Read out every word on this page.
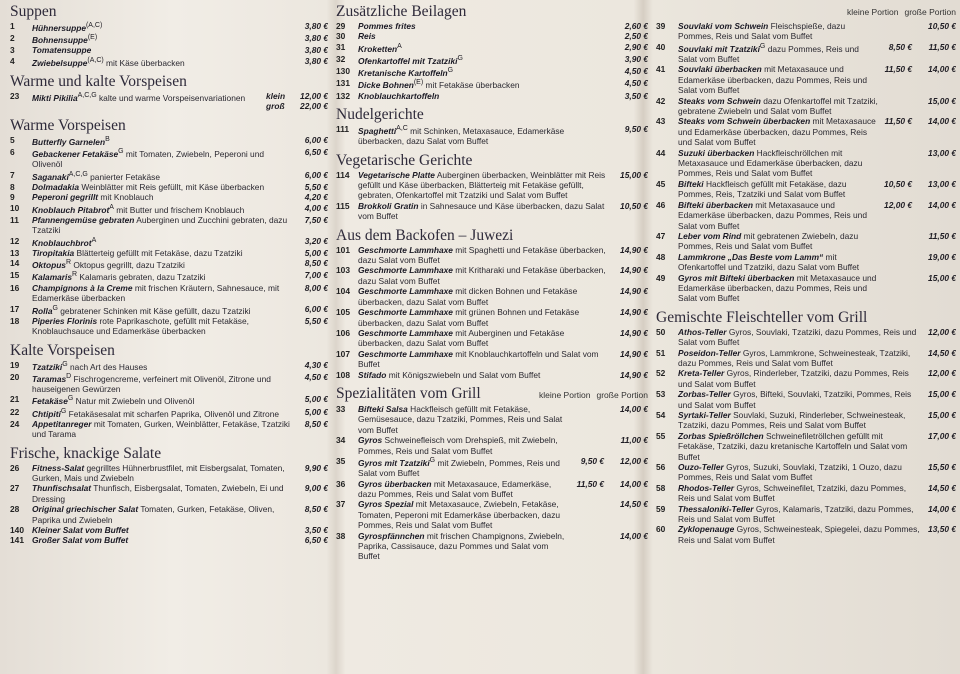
Suppen
1	Hühnersuppe$^{(A,C)}$	3,80 €
2	Bohnensuppe$^{(E)}$	3,80 €
3	Tomatensuppe	3,80 €
4	Zwiebelsuppe$^{(A,C)}$ mit Käse überbacken	3,80 €
Warme und kalte Vorspeisen
23	Mikti Pikilia$^{A,C,G}$ kalte und warme Vorspeisenvariationen	klein	12,00 €
groß	22,00 €
Warme Vorspeisen
5	Butterfly Garnelen$^B$	6,00 €
6	Gebackener Fetakäse$^G$ mit Tomaten, Zwiebeln, Peperoni und Olivenöl
6,50 €
7	Saganaki$^{A,C,G}$ panierter Fetakäse	6,00 €
8	Dolmadakia Weinblätter mit Reis gefüllt, mit Käse überbacken	5,50 €
9	Peperoni gegrillt mit Knoblauch	4,20 €
10	Knoblauch Pitabrot$^A$ mit Butter und frischem Knoblauch	4,00 €
11	Pfannengemüse gebraten Auberginen und Zucchini gebraten, dazu Tzatziki
7,50 €
12	Knoblauchbrot$^A$	3,20 €
13	Tiropitakia Blätterteig gefüllt mit Fetakäse, dazu Tzatziki	5,00 €
14	Oktopus$^R$ Oktopus gegrillt, dazu Tzatziki	8,50 €
15	Kalamaris$^R$ Kalamaris gebraten, dazu Tzatziki	7,00 €
16	Champignons à la Creme mit frischen Kräutern, Sahnesauce, mit Edamerkäse überbacken
8,00 €
17	Rolla$^G$ gebratener Schinken mit Käse gefüllt, dazu Tzatziki	6,00 €
18	Piperies Florinis rote Paprikaschote, gefüllt mit Fetakäse, Knoblauchsauce und Edamerkäse überbacken
5,50 €
Kalte Vorspeisen
19	Tzatziki$^G$ nach Art des Hauses	4,30 €
20	Taramas$^D$ Fischrogencreme, verfeinert mit Olivenöl, Zitrone und hauseigenen Gewürzen
4,50 €
21	Fetakäse$^G$ Natur mit Zwiebeln und Olivenöl	5,00 €
22	Chtipiti$^G$ Fetakäsesalat mit scharfen Paprika, Olivenöl und Zitrone	5,00 €
24	Appetitanreger mit Tomaten, Gurken, Weinblätter, Fetakäse, Tzatziki und Tarama
8,50 €
Frische, knackige Salate
26	Fitness-Salat gegrilltes Hühnerbrustfilet, mit Eisbergsalat, Tomaten, Gurken, Mais und Zwiebeln
9,90 €
27	Thunfischsalat Thunfisch, Eisbergsalat, Tomaten, Zwiebeln, Ei und Dressing
9,00 €
28	Original griechischer Salat Tomaten, Gurken, Fetakäse, Oliven, Paprika und Zwiebeln
8,50 €
140 Kleiner Salat vom Buffet	3,50 €
141 Großer Salat vom Buffet	6,50 €
Zusätzliche Beilagen
29	Pommes frites	2,60 €
30	Reis	2,50 €
31	Kroketten$^A$	2,90 €
32	Ofenkartoffel mit Tzatziki$^G$	3,90 €
130 Kretanische Kartoffeln$^G$	4,50 €
131 Dicke Bohnen$^{(E)}$ mit Fetakäse überbacken	4,50 €
132 Knoblauchkartoffeln	3,50 €
Nudelgerichte
111	Spaghetti$^{A,C}$ mit Schinken, Metaxasauce, Edamerkäse überbacken, dazu Salat vom Buffet
9,50 €
Vegetarische Gerichte
114	Vegetarische Platte Auberginen überbacken, Weinblätter mit Reis gefüllt und Käse überbacken, Blätterteig mit Fetakäse gefüllt, gebraten, Ofenkartoffel mit Tzatziki und Salat vom Buffet
15,00 €
115	Brokkoli Gratin in Sahnesauce und Käse überbacken, dazu Salat vom Buffet
10,50 €
Aus dem Backofen – Juwezi
101 Geschmorte Lammhaxe mit Spaghetti und Fetakäse überbacken, dazu Salat vom Buffet
14,90 €
103 Geschmorte Lammhaxe mit Kritharaki und Fetakäse überbacken, dazu Salat vom Buffet
14,90 €
104 Geschmorte Lammhaxe mit dicken Bohnen und Fetakäse überbacken, dazu Salat vom Buffet
14,90 €
105 Geschmorte Lammhaxe mit grünen Bohnen und Fetakäse überbacken, dazu Salat vom Buffet
14,90 €
106 Geschmorte Lammhaxe mit Auberginen und Fetakäse überbacken, dazu Salat vom Buffet
14,90 €
107 Geschmorte Lammhaxe mit Knoblauchkartoffeln und Salat vom Buffet
14,90 €
108 Stifado mit Königszwiebeln und Salat vom Buffet	14,90 €
Spezialitäten vom Grill	kleine Portion große Portion
33	Bifteki Salsa Hackfleisch gefüllt mit Fetakäse, Gemüsesauce, dazu Tzatziki, Pommes, Reis und Salat vom Buffet
14,00 €
34	Gyros Schweinefleisch vom Drehspieß, mit Zwiebeln, Pommes, Reis und Salat vom Buffet
11,00 €
35	Gyros mit Tzatziki$^G$ mit Zwiebeln, Pommes, Reis und Salat vom Buffet
9,50 €	12,00 €
36	Gyros überbacken mit Metaxasauce, Edamerkäse, dazu Pommes, Reis und Salat vom Buffet
11,50 €	14,00 €
37	Gyros Spezial mit Metaxasauce, Zwiebeln, Fetakäse, Tomaten, Peperoni mit Edamerkäse überbacken, dazu Pommes, Reis und Salat vom Buffet
14,50 €
38	Gyrospfännchen mit frischen Champignons, Zwiebeln, Paprika, Cassisauce, dazu Pommes und Salat vom Buffet
14,00 €
kleine Portion große Portion
39	Souvlaki vom Schwein Fleischspieße, dazu Pommes, Reis und Salat vom Buffet
10,50 €
40	Souvlaki mit Tzatziki$^G$ dazu Pommes, Reis und Salat vom Buffet
8,50 €	11,50 €
41	Souvlaki überbacken mit Metaxasauce und Edamerkäse überbacken, dazu Pommes, Reis und Salat vom Buffet
11,50 €	14,00 €
42	Steaks vom Schwein dazu Ofenkartoffel mit Tzatziki, gebratene Zwiebeln und Salat vom Buffet
15,00 €
43	Steaks vom Schwein überbacken mit Metaxasauce und Edamerkäse überbacken, dazu Pommes, Reis und Salat vom Buffet
11,50 €	14,00 €
44	Suzuki überbacken Hackfleischröllchen mit Metaxasauce und Edamerkäse überbacken, dazu Pommes, Reis und Salat vom Buffet
13,00 €
45	Bifteki Hackfleisch gefüllt mit Fetakäse, dazu Pommes, Reis, Tzatziki und Salat vom Buffet
10,50 €	13,00 €
46	Bifteki überbacken mit Metaxasauce und Edamerkäse überbacken, dazu Pommes, Reis und Salat vom Buffet
12,00 €	14,00 €
47	Leber vom Rind mit gebratenen Zwiebeln, dazu Pommes, Reis und Salat vom Buffet
11,50 €
48	Lammkrone „Das Beste vom Lamm“ mit Ofenkartoffel und Tzatziki, dazu Salat vom Buffet
19,00 €
49	Gyros mit Bifteki überbacken mit Metaxasauce und Edamerkäse überbacken, dazu Pommes, Reis und Salat vom Buffet
15,00 €
Gemischte Fleischteller vom Grill
50	Athos-Teller Gyros, Souvlaki, Tzatziki, dazu Pommes, Reis und Salat vom Buffet
12,00 €
51	Poseidon-Teller Gyros, Lammkrone, Schweinesteak, Tzatziki, dazu Pommes, Reis und Salat vom Buffet
14,50 €
52	Kreta-Teller Gyros, Rinderleber, Tzatziki, dazu Pommes, Reis und Salat vom Buffet
12,00 €
53	Zorbas-Teller Gyros, Bifteki, Souvlaki, Tzatziki, Pommes, Reis und Salat vom Buffet
15,00 €
54	Syrtaki-Teller Souvlaki, Suzuki, Rinderleber, Schweinesteak, Tzatziki, dazu Pommes, Reis und Salat vom Buffet
15,00 €
55	Zorbas Spießröllchen Schweinefiletröllchen gefüllt mit Fetakäse, Tzatziki, dazu kretanische Kartoffeln und Salat vom Buffet
17,00 €
56	Ouzo-Teller Gyros, Suzuki, Souvlaki, Tzatziki, 1 Ouzo, dazu Pommes, Reis und Salat vom Buffet
15,50 €
58	Rhodos-Teller Gyros, Schweinefilet, Tzatziki, dazu Pommes, Reis und Salat vom Buffet
14,50 €
59	Thessaloniki-Teller Gyros, Kalamaris, Tzatziki, dazu Pommes, Reis und Salat vom Buffet
14,00 €
60	Zyklopenauge Gyros, Schweinesteak, Spiegelei, dazu Pommes, Reis und Salat vom Buffet
13,50 €
